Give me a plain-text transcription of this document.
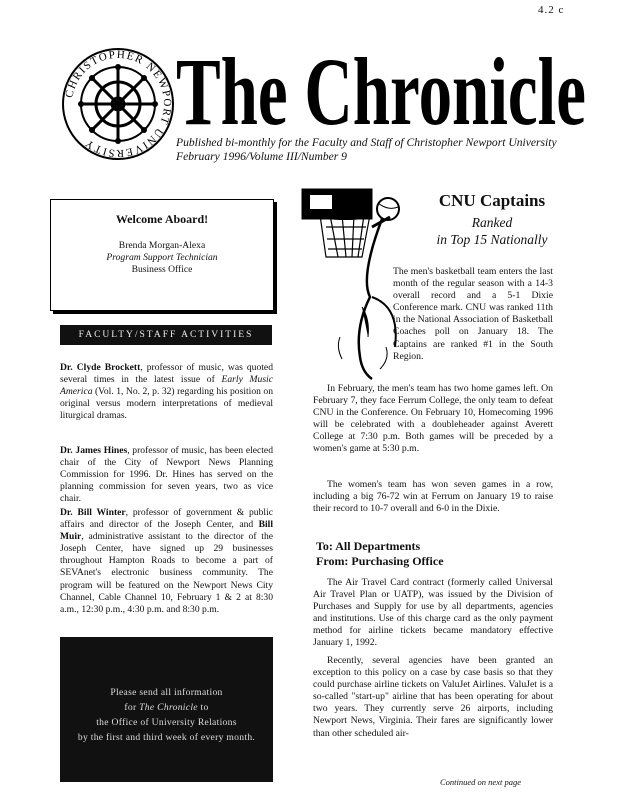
4.2 c
CHRISTOPHER NEWPORT UNIVERSITY The Chronicle
Published bi-monthly for the Faculty and Staff of Christopher Newport University
February 1996/Volume III/Number 9
Welcome Aboard!
Brenda Morgan-Alexa
Program Support Technician
Business Office
FACULTY/STAFF ACTIVITIES
Dr. Clyde Brockett, professor of music, was quoted several times in the latest issue of Early Music America (Vol. 1, No. 2, p. 32) regarding his position on original versus modern interpretations of medieval liturgical dramas.
Dr. James Hines, professor of music, has been elected chair of the City of Newport News Planning Commission for 1996. Dr. Hines has served on the planning commission for seven years, two as vice chair.
Dr. Bill Winter, professor of government & public affairs and director of the Joseph Center, and Bill Muir, administrative assistant to the director of the Joseph Center, have signed up 29 businesses throughout Hampton Roads to become a part of SEVAnet's electronic business community. The program will be featured on the Newport News City Channel, Cable Channel 10, February 1 & 2 at 8:30 a.m., 12:30 p.m., 4:30 p.m. and 8:30 p.m.
Please send all information
for The Chronicle to
the Office of University Relations
by the first and third week of every month.
CNU Captains
Ranked
in Top 15 Nationally
The men's basketball team enters the last month of the regular season with a 14-3 overall record and a 5-1 Dixie Conference mark. CNU was ranked 11th in the National Association of Basketball Coaches poll on January 18. The Captains are ranked #1 in the South Region.
In February, the men's team has two home games left. On February 7, they face Ferrum College, the only team to defeat CNU in the Conference. On February 10, Homecoming 1996 will be celebrated with a doubleheader against Averett College at 7:30 p.m. Both games will be preceded by a women's game at 5:30 p.m.
The women's team has won seven games in a row, including a big 76-72 win at Ferrum on January 19 to raise their record to 10-7 overall and 6-0 in the Dixie.
To: All Departments
From: Purchasing Office
The Air Travel Card contract (formerly called Universal Air Travel Plan or UATP), was issued by the Division of Purchases and Supply for use by all departments, agencies and institutions. Use of this charge card as the only payment method for airline tickets became mandatory effective January 1, 1992.
Recently, several agencies have been granted an exception to this policy on a case by case basis so that they could purchase airline tickets on ValuJet Airlines. ValuJet is a so-called "start-up" airline that has been operating for about two years. They currently serve 26 airports, including Newport News, Virginia. Their fares are significantly lower than other scheduled air-
Continued on next page
